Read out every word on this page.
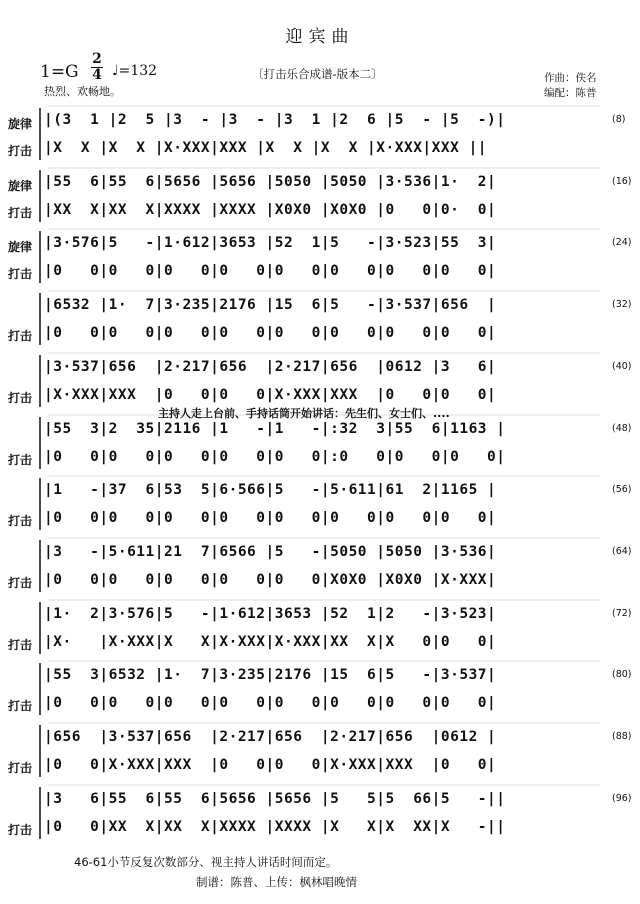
迎宾曲
$1=G \frac{2}{4}$ ♩=132
热烈、欢畅地。
〔打击乐合成谱-版本二〕	作曲：佚名
编配：陈普
旋律
打击
|(3  1 |2  5 |3  - |3  - |3  1 |2  6 |5  - |5  -)|
|X  X |X  X |X·XXX|XXX |X  X |X  X |X·XXX|XXX ||
(8)
旋律
打击
|55  6|55  6|5656 |5656 |5050 |5050 |3·536|1·  2|
|XX  X|XX  X|XXXX |XXXX |X0X0 |X0X0 |0   0|0·  0|
(16)
旋律
打击
|3·576|5   -|1·612|3653 |52  1|5   -|3·523|55  3|
|0   0|0   0|0   0|0   0|0   0|0   0|0   0|0   0|
(24)
打击
|6532 |1·  7|3·235|2176 |15  6|5   -|3·537|656  |
|0   0|0   0|0   0|0   0|0   0|0   0|0   0|0   0|
(32)
打击
|3·537|656  |2·217|656  |2·217|656  |0612 |3   6|
|X·XXX|XXX  |0   0|0   0|X·XXX|XXX  |0   0|0   0|
(40)
打击
|55  3|2  35|2116 |1   -|1   -|:32  3|55  6|1163 |
|0   0|0   0|0   0|0   0|0   0|:0   0|0   0|0   0|
(48)
打击
|1   -|37  6|53  5|6·566|5   -|5·611|61  2|1165 |
|0   0|0   0|0   0|0   0|0   0|0   0|0   0|0   0|
(56)
打击
|3   -|5·611|21  7|6566 |5   -|5050 |5050 |3·536|
|0   0|0   0|0   0|0   0|0   0|X0X0 |X0X0 |X·XXX|
(64)
打击
|1·  2|3·576|5   -|1·612|3653 |52  1|2   -|3·523|
|X·   |X·XXX|X   X|X·XXX|X·XXX|XX  X|X   0|0   0|
(72)
打击
|55  3|6532 |1·  7|3·235|2176 |15  6|5   -|3·537|
|0   0|0   0|0   0|0   0|0   0|0   0|0   0|0   0|
(80)
打击
|656  |3·537|656  |2·217|656  |2·217|656  |0612 |
|0   0|X·XXX|XXX  |0   0|0   0|X·XXX|XXX  |0   0|
(88)
打击
|3   6|55  6|55  6|5656 |5656 |5   5|5  66|5   -||
|0   0|XX  X|XX  X|XXXX |XXXX |X   X|X  XX|X   -||
(96)
主持人走上台前、手持话筒开始讲话：先生们、女士们、....
46-61小节反复次数部分、视主持人讲话时间而定。
制谱：陈普、上传：枫林唱晚情
